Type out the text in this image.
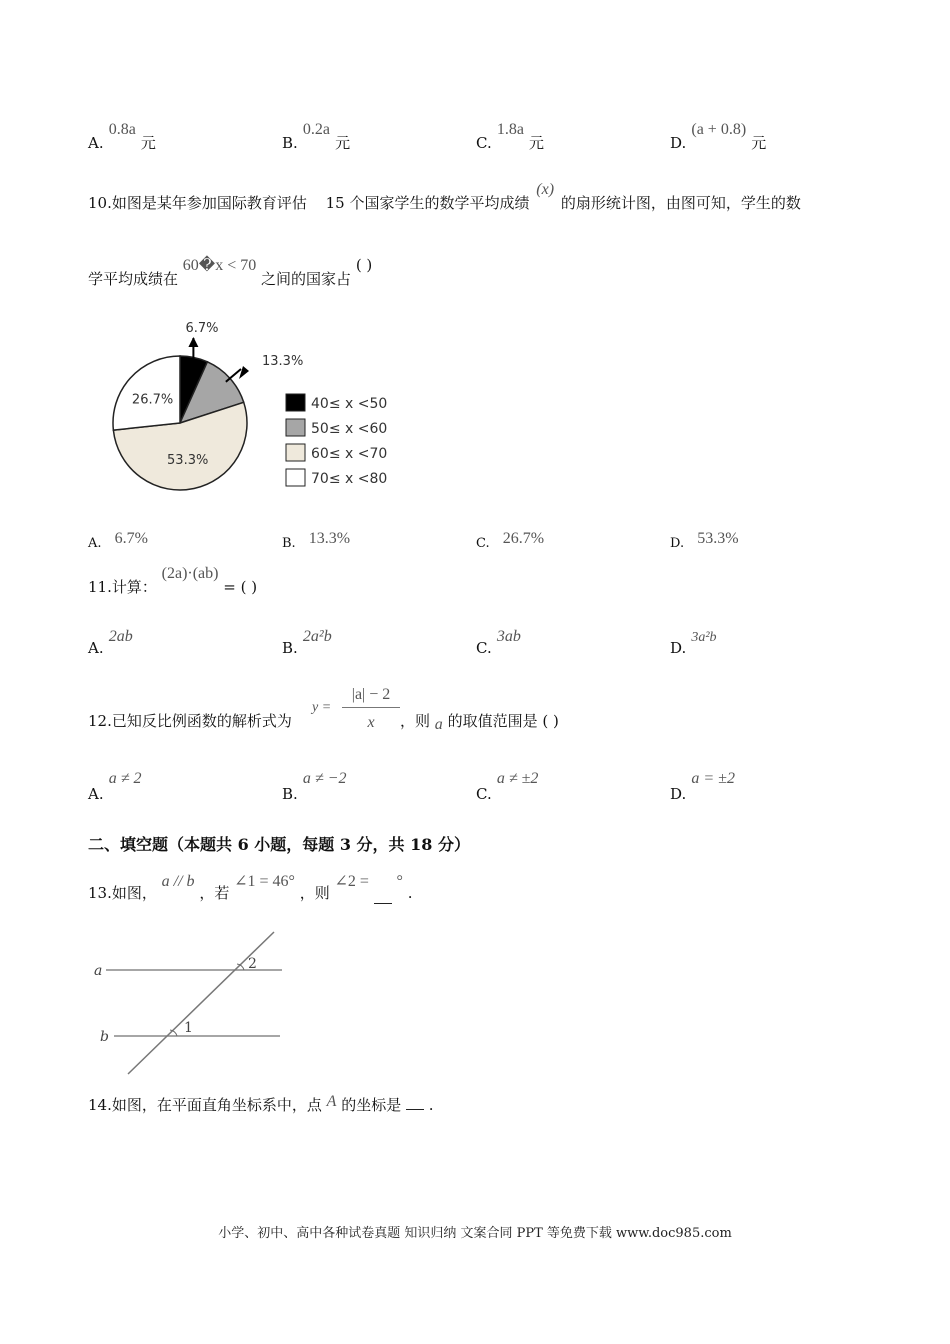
A. 0.8a 元	B. 0.2a 元	C. 1.8a 元	D. (a + 0.8) 元
10.如图是某年参加国际教育评估 15 个国家学生的数学平均成绩 (x) 的扇形统计图，由图可知，学生的数
学平均成绩在 60�x < 70 之间的国家占 ( )
6.7%
13.3%
53.3%
26.7%	40≤ x <50
50≤ x <60
60≤ x <70
70≤ x <80
$_{A.}$ 6.7%	$_{B.}$ 13.3%	$_{C.}$ 26.7%	$_{D.}$ 53.3%
11.计算： (2a)·(ab) = ( )
A. 2ab
B. 2a²b
C. 3ab
D. 3a²b
12.已知反比例函数的解析式为
y =
|a| − 2
x	，则 a 的取值范围是 ( )
A. a ≠ 2
B. a ≠ −2
C. a ≠ ±2
D. a = ±2
二、填空题（本题共 6 小题，每题 3 分，共 18 分）
13.如图， a // b ，若 ∠1 = 46° ，则 ∠2 = ° .
a
b
2
1
14.如图，在平面直角坐标系中，点 A 的坐标是 .
小学、初中、高中各种试卷真题 知识归纳 文案合同 PPT 等免费下载 www.doc985.com
